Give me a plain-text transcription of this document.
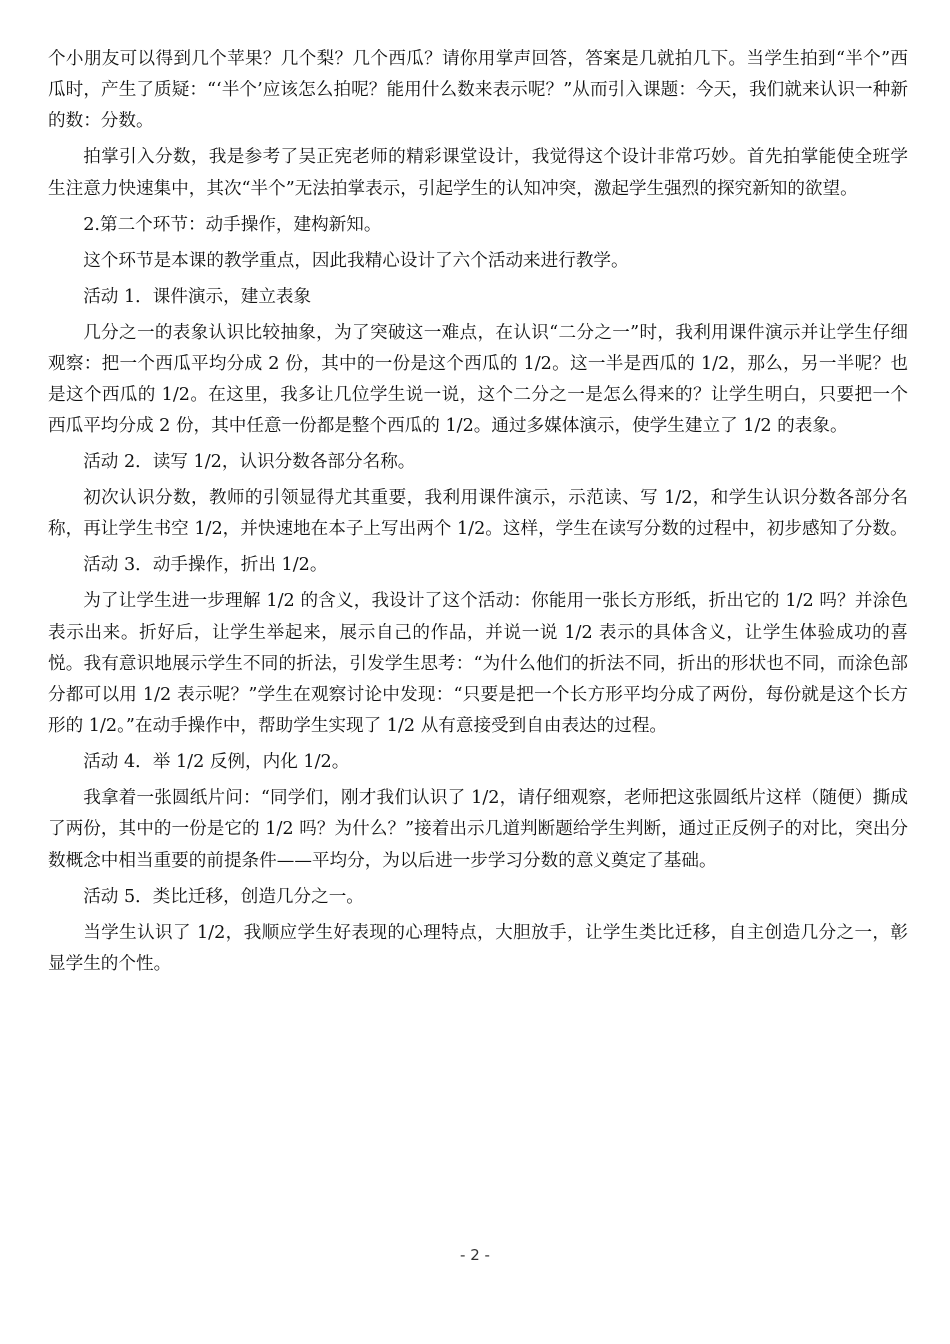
个小朋友可以得到几个苹果？几个梨？几个西瓜？请你用掌声回答，答案是几就拍几下。当学生拍到“半个”西瓜时，产生了质疑：“‘半个’应该怎么拍呢？能用什么数来表示呢？”从而引入课题：今天，我们就来认识一种新的数：分数。

拍掌引入分数，我是参考了吴正宪老师的精彩课堂设计，我觉得这个设计非常巧妙。首先拍掌能使全班学生注意力快速集中，其次“半个”无法拍掌表示，引起学生的认知冲突，激起学生强烈的探究新知的欲望。

2.第二个环节：动手操作，建构新知。

这个环节是本课的教学重点，因此我精心设计了六个活动来进行教学。

活动 1．课件演示，建立表象

几分之一的表象认识比较抽象，为了突破这一难点，在认识“二分之一”时，我利用课件演示并让学生仔细观察：把一个西瓜平均分成 2 份，其中的一份是这个西瓜的 1/2。这一半是西瓜的 1/2，那么，另一半呢？也是这个西瓜的 1/2。在这里，我多让几位学生说一说，这个二分之一是怎么得来的？让学生明白，只要把一个西瓜平均分成 2 份，其中任意一份都是整个西瓜的 1/2。通过多媒体演示，使学生建立了 1/2 的表象。

活动 2．读写 1/2，认识分数各部分名称。

初次认识分数，教师的引领显得尤其重要，我利用课件演示，示范读、写 1/2，和学生认识分数各部分名称，再让学生书空 1/2，并快速地在本子上写出两个 1/2。这样，学生在读写分数的过程中，初步感知了分数。

活动 3．动手操作，折出 1/2。

为了让学生进一步理解 1/2 的含义，我设计了这个活动：你能用一张长方形纸，折出它的 1/2 吗？并涂色表示出来。折好后，让学生举起来，展示自己的作品，并说一说 1/2 表示的具体含义，让学生体验成功的喜悦。我有意识地展示学生不同的折法，引发学生思考：“为什么他们的折法不同，折出的形状也不同，而涂色部分都可以用 1/2 表示呢？”学生在观察讨论中发现：“只要是把一个长方形平均分成了两份，每份就是这个长方形的 1/2。”在动手操作中，帮助学生实现了 1/2 从有意接受到自由表达的过程。

活动 4．举 1/2 反例，内化 1/2。

我拿着一张圆纸片问：“同学们，刚才我们认识了 1/2，请仔细观察，老师把这张圆纸片这样（随便）撕成了两份，其中的一份是它的 1/2 吗？为什么？”接着出示几道判断题给学生判断，通过正反例子的对比，突出分数概念中相当重要的前提条件——平均分，为以后进一步学习分数的意义奠定了基础。

活动 5．类比迁移，创造几分之一。

当学生认识了 1/2，我顺应学生好表现的心理特点，大胆放手，让学生类比迁移，自主创造几分之一，彰显学生的个性。

- 2 -
